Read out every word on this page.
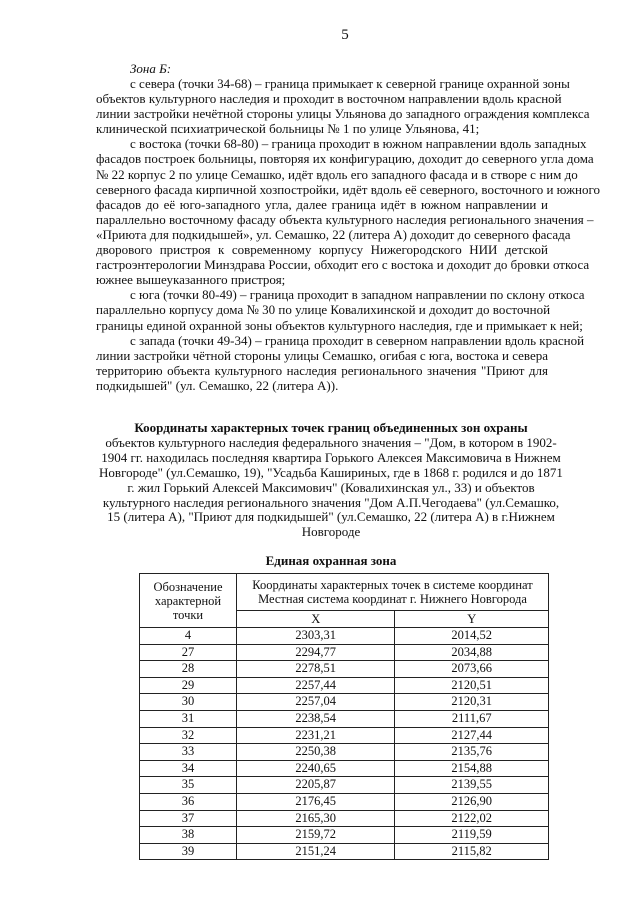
5
Зона Б:
с севера (точки 34-68) – граница примыкает к северной границе охранной зоны
объектов культурного наследия и проходит в восточном направлении вдоль красной
линии застройки нечётной стороны улицы Ульянова до западного ограждения комплекса
клинической психиатрической больницы № 1 по улице Ульянова, 41;
с востока (точки 68-80) – граница проходит в южном направлении вдоль западных
фасадов построек больницы, повторяя их конфигурацию, доходит до северного угла дома
№ 22 корпус 2 по улице Семашко, идёт вдоль его западного фасада и в створе с ним до
северного фасада кирпичной хозпостройки, идёт вдоль её северного, восточного и южного
фасадов до её юго-западного угла, далее граница идёт в южном направлении и
параллельно восточному фасаду объекта культурного наследия регионального значения –
«Приюта для подкидышей», ул. Семашко, 22 (литера А) доходит до северного фасада
дворового пристроя к современному корпусу Нижегородского НИИ детской
гастроэнтерологии Минздрава России, обходит его с востока и доходит до бровки откоса
южнее вышеуказанного пристроя;
с юга (точки 80-49) – граница проходит в западном направлении по склону откоса
параллельно корпусу дома № 30 по улице Ковалихинской и доходит до восточной
границы единой охранной зоны объектов культурного наследия, где и примыкает к ней;
с запада (точки 49-34) – граница проходит в северном направлении вдоль красной
линии застройки чётной стороны улицы Семашко, огибая с юга, востока и севера
территорию объекта культурного наследия регионального значения "Приют для
подкидышей" (ул. Семашко, 22 (литера А)).
Координаты характерных точек границ объединенных зон охраны
объектов культурного наследия федерального значения – "Дом, в котором в 1902-
1904 гг. находилась последняя квартира Горького Алексея Максимовича в Нижнем
Новгороде" (ул.Семашко, 19), "Усадьба Кашириных, где в 1868 г. родился и до 1871
г. жил Горький Алексей Максимович" (Ковалихинская ул., 33) и объектов
культурного наследия регионального значения "Дом А.П.Чегодаева" (ул.Семашко,
15 (литера А), "Приют для подкидышей" (ул.Семашко, 22 (литера А) в г.Нижнем
Новгороде
Единая охранная зона
Обозначение характерной точки	Координаты характерных точек в системе координат
Местная система координат г. Нижнего Новгорода	

	X	Y
4	2303,31	2014,52
27	2294,77	2034,88
28	2278,51	2073,66
29	2257,44	2120,51
30	2257,04	2120,31
31	2238,54	2111,67
32	2231,21	2127,44
33	2250,38	2135,76
34	2240,65	2154,88
35	2205,87	2139,55
36	2176,45	2126,90
37	2165,30	2122,02
38	2159,72	2119,59
39	2151,24	2115,82
